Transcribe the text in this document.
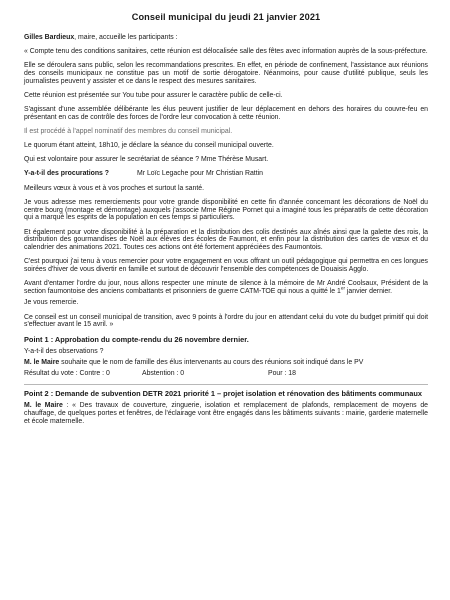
Conseil municipal du jeudi 21 janvier 2021

Gilles Bardieux, maire, accueille les participants :

« Compte tenu des conditions sanitaires, cette réunion est délocalisée salle des fêtes avec information auprès de la sous-préfecture.

Elle se déroulera sans public, selon les recommandations prescrites. En effet, en période de confinement, l'assistance aux réunions des conseils municipaux ne constitue pas un motif de sortie dérogatoire. Néanmoins, pour cause d'utilité publique, seuls les journalistes peuvent y assister et ce dans le respect des mesures sanitaires.

Cette réunion est présentée sur You tube pour assurer le caractère public de celle-ci.

S'agissant d'une assemblée délibérante les élus peuvent justifier de leur déplacement en dehors des horaires du couvre-feu en présentant en cas de contrôle des forces de l'ordre leur convocation à cette réunion.

Il est procédé à l'appel nominatif des membres du conseil municipal.

Le quorum étant atteint, 18h10, je déclare la séance du conseil municipal ouverte.

Qui est volontaire pour assurer le secrétariat de séance ? Mme Thérèse Musart.

Y-a-t-il des procurations ?	Mr Loïc Legache pour Mr Christian Rattin

Meilleurs vœux à vous et à vos proches et surtout la santé.

Je vous adresse mes remerciements pour votre grande disponibilité en cette fin d'année concernant les décorations de Noël du centre bourg (montage et démontage) auxquels j'associe Mme Régine Pornet qui a imaginé tous les préparatifs de cette décoration qui a marqué les esprits de la population en ces temps si particuliers.

Et également pour votre disponibilité à la préparation et la distribution des colis destinés aux aînés ainsi que la galette des rois, la distribution des gourmandises de Noël aux élèves des écoles de Faumont, et enfin pour la distribution des cartes de vœux et du calendrier des animations 2021. Toutes ces actions ont été fortement appréciées des Faumontois.

C'est pourquoi j'ai tenu à vous remercier pour votre engagement en vous offrant un outil pédagogique qui permettra en ces longues soirées d'hiver de vous divertir en famille et surtout de découvrir l'ensemble des compétences de Douaisis Agglo.

Avant d'entamer l'ordre du jour, nous allons respecter une minute de silence à la mémoire de Mr André Coolsaux, Président de la section faumontoise des anciens combattants et prisonniers de guerre CATM-TOE qui nous a quitté le 1er janvier dernier.

Je vous remercie.

Ce conseil est un conseil municipal de transition, avec 9 points à l'ordre du jour en attendant celui du vote du budget primitif qui doit s'effectuer avant le 15 avril. »

Point 1 : Approbation du compte-rendu du 26 novembre dernier.

Y-a-t-il des observations ?

M. le Maire souhaite que le nom de famille des élus intervenants au cours des réunions soit indiqué dans le PV

Résultat du vote : Contre : 0	Abstention : 0	Pour : 18
Point 2 : Demande de subvention DETR 2021 priorité 1 – projet isolation et rénovation des bâtiments communaux

M. le Maire : « Des travaux de couverture, zinguerie, isolation et remplacement de plafonds, remplacement de moyens de chauffage, de quelques portes et fenêtres, de l'éclairage vont être engagés dans les bâtiments suivants : mairie, garderie maternelle et école maternelle.
